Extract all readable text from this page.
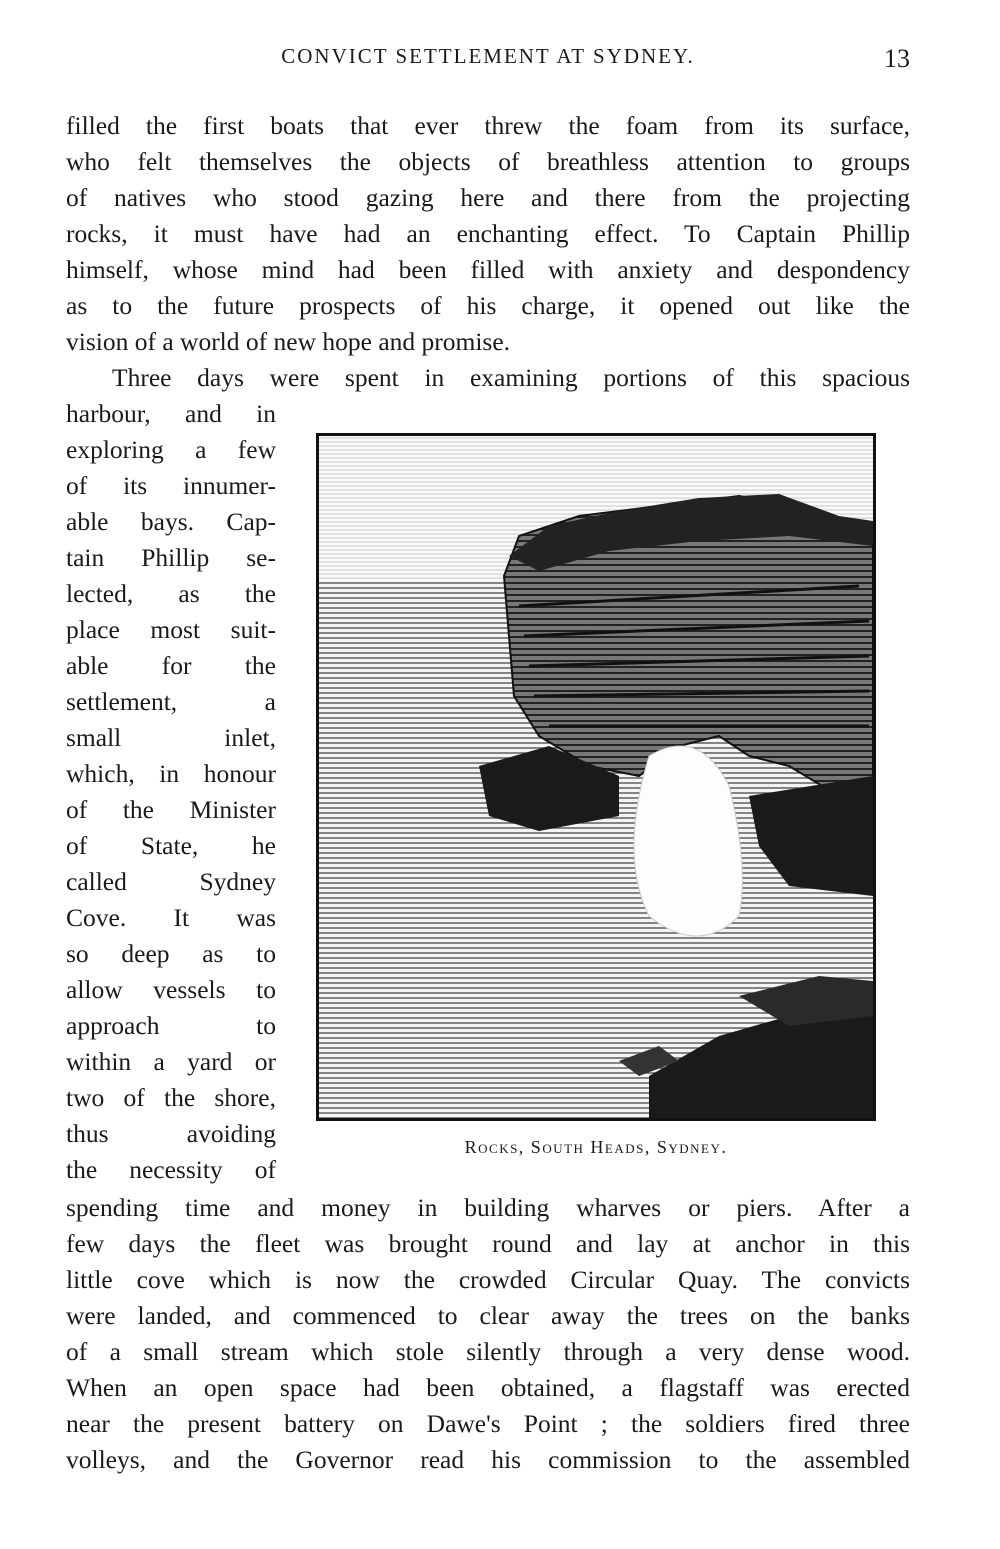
CONVICT SETTLEMENT AT SYDNEY.	13
filled the first boats that ever threw the foam from its surface,
who felt themselves the objects of breathless attention to groups
of natives who stood gazing here and there from the projecting
rocks, it must have had an enchanting effect. To Captain Phillip
himself, whose mind had been filled with anxiety and despondency
as to the future prospects of his charge, it opened out like the
vision of a world of new hope and promise.
Three days were spent in examining portions of this spacious
harbour, and in
exploring a few
of its innumer-
able bays. Cap-
tain Phillip se-
lected, as the
place most suit-
able for the
settlement, a
small inlet,
which, in honour
of the Minister
of State, he
called Sydney
Cove. It was
so deep as to
allow vessels to
approach to
within a yard or
two of the shore,
thus avoiding
the necessity of
Rocks, South Heads, Sydney.
spending time and money in building wharves or piers. After a
few days the fleet was brought round and lay at anchor in this
little cove which is now the crowded Circular Quay. The convicts
were landed, and commenced to clear away the trees on the banks
of a small stream which stole silently through a very dense wood.
When an open space had been obtained, a flagstaff was erected
near the present battery on Dawe's Point ; the soldiers fired three
volleys, and the Governor read his commission to the assembled
